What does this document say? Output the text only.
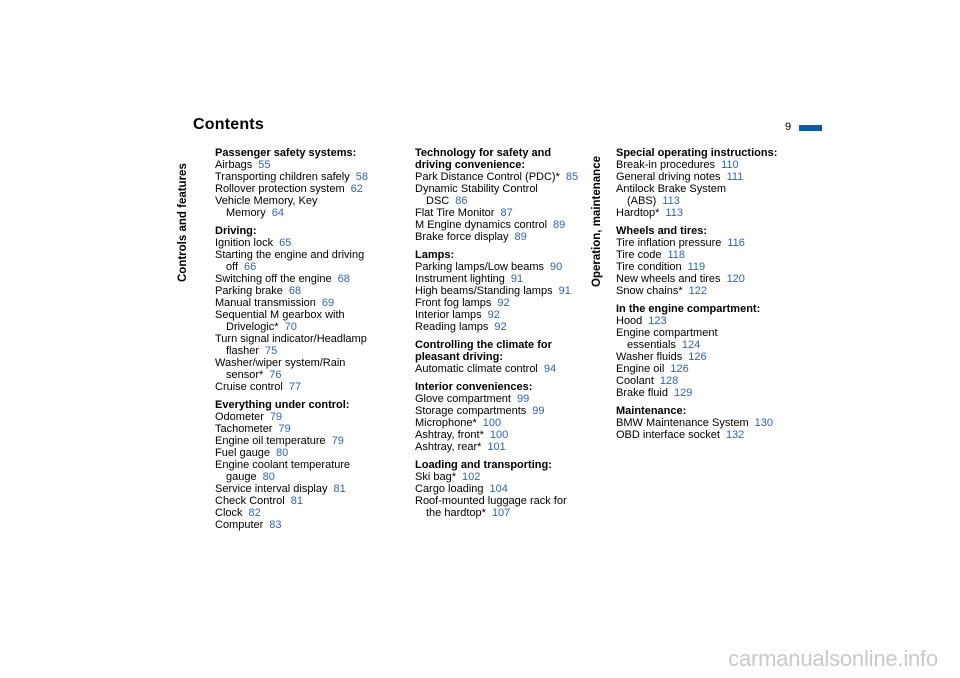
Contents	9
Controls and features	Operation, maintenance
Passenger safety systems:
Airbags 55
Transporting children safely 58
Rollover protection system 62
Vehicle Memory, Key
Memory 64
Driving:
Ignition lock 65
Starting the engine and driving
off 66
Switching off the engine 68
Parking brake 68
Manual transmission 69
Sequential M gearbox with
Drivelogic* 70
Turn signal indicator/Headlamp
flasher 75
Washer/wiper system/Rain
sensor* 76
Cruise control 77
Everything under control:
Odometer 79
Tachometer 79
Engine oil temperature 79
Fuel gauge 80
Engine coolant temperature
gauge 80
Service interval display 81
Check Control 81
Clock 82
Computer 83
Technology for safety and driving convenience:
Park Distance Control (PDC)* 85
Dynamic Stability Control
DSC 86
Flat Tire Monitor 87
M Engine dynamics control 89
Brake force display 89
Lamps:
Parking lamps/Low beams 90
Instrument lighting 91
High beams/Standing lamps 91
Front fog lamps 92
Interior lamps 92
Reading lamps 92
Controlling the climate for pleasant driving:
Automatic climate control 94
Interior conveniences:
Glove compartment 99
Storage compartments 99
Microphone* 100
Ashtray, front* 100
Ashtray, rear* 101
Loading and transporting:
Ski bag* 102
Cargo loading 104
Roof-mounted luggage rack for
the hardtop* 107
Special operating instructions:
Break-in procedures 110
General driving notes 111
Antilock Brake System
(ABS) 113
Hardtop* 113
Wheels and tires:
Tire inflation pressure 116
Tire code 118
Tire condition 119
New wheels and tires 120
Snow chains* 122
In the engine compartment:
Hood 123
Engine compartment
essentials 124
Washer fluids 126
Engine oil 126
Coolant 128
Brake fluid 129
Maintenance:
BMW Maintenance System 130
OBD interface socket 132
carmanualsonline.info
